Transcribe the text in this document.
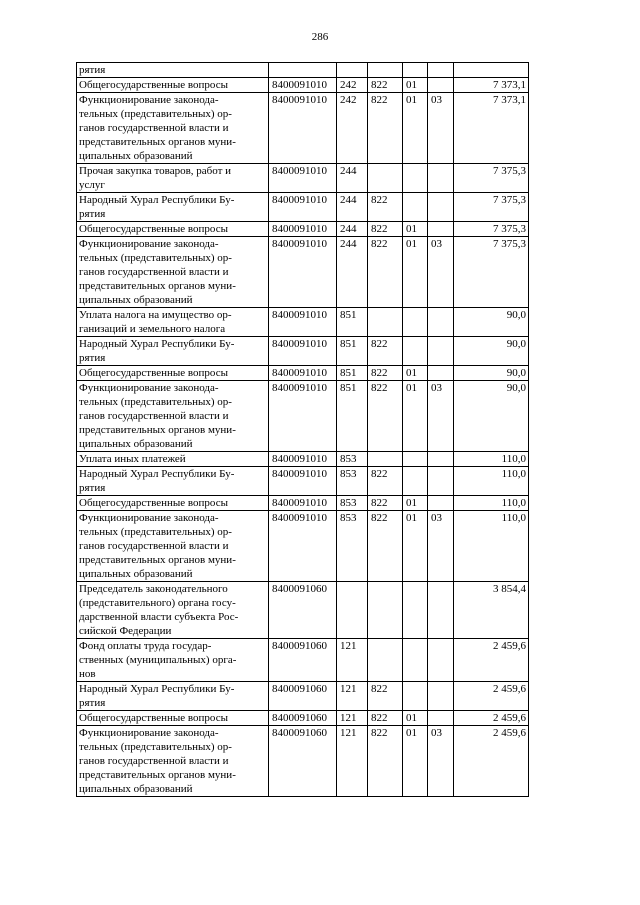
286
рятия						
Общегосударственные вопросы	8400091010	242	822	01		7 373,1
Функционирование законода-
тельных (представительных) ор-
ганов государственной власти и
представительных органов муни-
ципальных образований	8400091010	242	822	01	03	7 373,1
Прочая закупка товаров, работ и
услуг	8400091010	244				7 375,3
Народный Хурал Республики Бу-
рятия	8400091010	244	822			7 375,3
Общегосударственные вопросы	8400091010	244	822	01		7 375,3
Функционирование законода-
тельных (представительных) ор-
ганов государственной власти и
представительных органов муни-
ципальных образований	8400091010	244	822	01	03	7 375,3
Уплата налога на имущество ор-
ганизаций и земельного налога	8400091010	851				90,0
Народный Хурал Республики Бу-
рятия	8400091010	851	822			90,0
Общегосударственные вопросы	8400091010	851	822	01		90,0
Функционирование законода-
тельных (представительных) ор-
ганов государственной власти и
представительных органов муни-
ципальных образований	8400091010	851	822	01	03	90,0
Уплата иных платежей	8400091010	853				110,0
Народный Хурал Республики Бу-
рятия	8400091010	853	822			110,0
Общегосударственные вопросы	8400091010	853	822	01		110,0
Функционирование законода-
тельных (представительных) ор-
ганов государственной власти и
представительных органов муни-
ципальных образований	8400091010	853	822	01	03	110,0
Председатель законодательного
(представительного) органа госу-
дарственной власти субъекта Рос-
сийской Федерации	8400091060					3 854,4
Фонд оплаты труда государ-
ственных (муниципальных) орга-
нов	8400091060	121				2 459,6
Народный Хурал Республики Бу-
рятия	8400091060	121	822			2 459,6
Общегосударственные вопросы	8400091060	121	822	01		2 459,6
Функционирование законода-
тельных (представительных) ор-
ганов государственной власти и
представительных органов муни-
ципальных образований	8400091060	121	822	01	03	2 459,6
